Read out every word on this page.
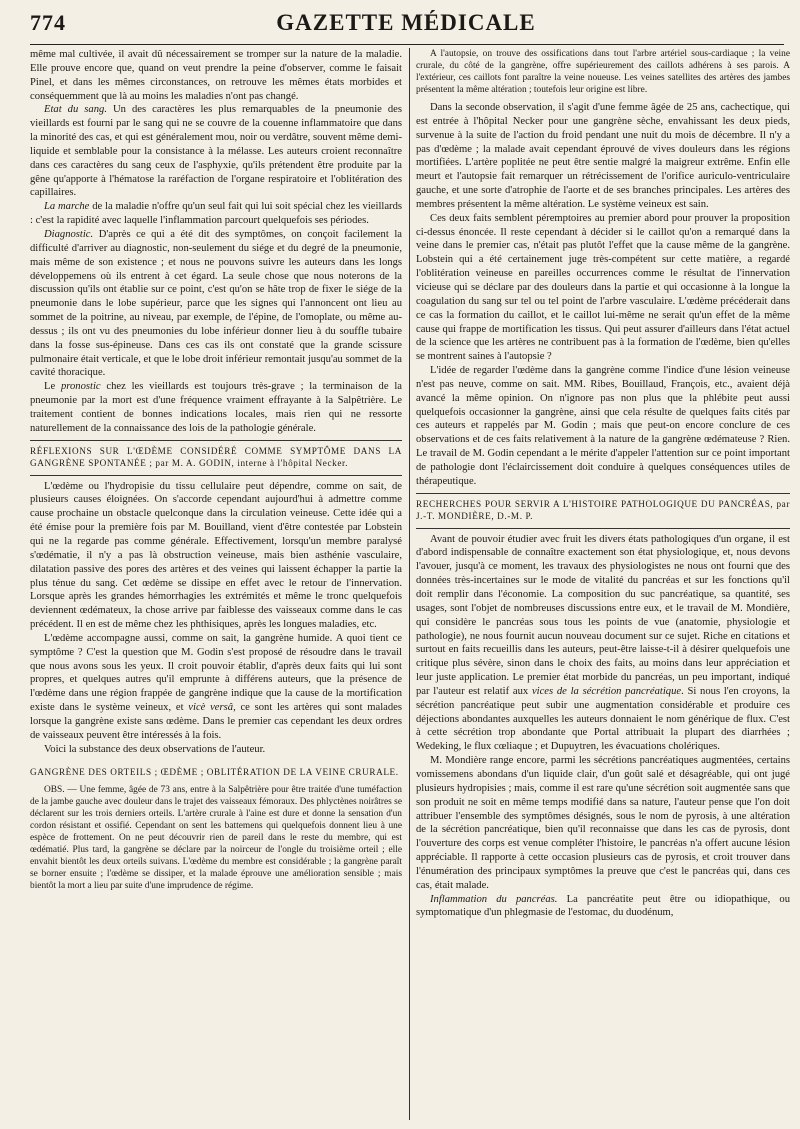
774	GAZETTE MÉDICALE

même mal cultivée, il avait dû nécessairement se tromper sur la nature de la maladie. Elle prouve encore que, quand on veut prendre la peine d'observer, comme le faisait Pinel, et dans les mêmes circonstances, on retrouve les mêmes états morbides et conséquemment que là au moins les maladies n'ont pas changé.

Etat du sang. Un des caractères les plus remarquables de la pneumonie des vieillards est fourni par le sang qui ne se couvre de la couenne inflammatoire que dans la minorité des cas, et qui est généralement mou, noir ou verdâtre, souvent même demi-liquide et semblable pour la consistance à la mélasse. Les auteurs croient reconnaître dans ces caractères du sang ceux de l'asphyxie, qu'ils prétendent être produite par la gêne qu'apporte à l'hématose la raréfaction de l'organe respiratoire et l'oblitération des capillaires.

La marche de la maladie n'offre qu'un seul fait qui lui soit spécial chez les vieillards : c'est la rapidité avec laquelle l'inflammation parcourt quelquefois ses périodes.

Diagnostic. D'après ce qui a été dit des symptômes, on conçoit facilement la difficulté d'arriver au diagnostic, non-seulement du siége et du degré de la pneumonie, mais même de son existence ; et nous ne pouvons suivre les auteurs dans les longs développemens où ils entrent à cet égard. La seule chose que nous noterons de la discussion qu'ils ont établie sur ce point, c'est qu'on se hâte trop de fixer le siége de la pneumonie dans le lobe supérieur, parce que les signes qui l'annoncent ont lieu au sommet de la poitrine, au niveau, par exemple, de l'épine, de l'omoplate, ou même au-dessus ; ils ont vu des pneumonies du lobe inférieur donner lieu à du souffle tubaire dans la fosse sus-épineuse. Dans ces cas ils ont constaté que la grande scissure pulmonaire était verticale, et que le lobe droit inférieur remontait jusqu'au sommet de la cavité thoracique.

Le pronostic chez les vieillards est toujours très-grave ; la terminaison de la pneumonie par la mort est d'une fréquence vraiment effrayante à la Salpêtrière. Le traitement contient de bonnes indications locales, mais rien qui ne ressorte naturellement de la connaissance des lois de la pathologie générale.

RÉFLEXIONS SUR L'ŒDÈME CONSIDÉRÉ COMME SYMPTÔME DANS LA GANGRÈNE SPONTANÉE ; par M. A. GODIN, interne à l'hôpital Necker.

L'œdème ou l'hydropisie du tissu cellulaire peut dépendre, comme on sait, de plusieurs causes éloignées. On s'accorde cependant aujourd'hui à admettre comme cause prochaine un obstacle quelconque dans la circulation veineuse. Cette idée qui a été émise pour la première fois par M. Bouilland, vient d'être contestée par Lobstein qui ne la regarde pas comme générale. Effectivement, lorsqu'un membre paralysé s'œdématie, il n'y a pas là obstruction veineuse, mais bien asthénie vasculaire, dilatation passive des pores des artères et des veines qui laissent échapper la partie la plus ténue du sang. Cet œdème se dissipe en effet avec le retour de l'innervation. Lorsque après les grandes hémorrhagies les extrémités et même le tronc quelquefois deviennent œdémateux, la chose arrive par faiblesse des vaisseaux comme dans le cas précédent. Il en est de même chez les phthisiques, après les longues maladies, etc.

L'œdème accompagne aussi, comme on sait, la gangrène humide. A quoi tient ce symptôme ? C'est la question que M. Godin s'est proposé de résoudre dans le travail que nous avons sous les yeux. Il croit pouvoir établir, d'après deux faits qui lui sont propres, et quelques autres qu'il emprunte à différens auteurs, que la présence de l'œdème dans une région frappée de gangrène indique que la cause de la mortification existe dans le système veineux, et vicè versâ, ce sont les artères qui sont malades lorsque la gangrène existe sans œdème. Dans le premier cas cependant les deux ordres de vaisseaux peuvent être intéressés à la fois.

Voici la substance des deux observations de l'auteur.

GANGRÈNE DES ORTEILS ; ŒDÈME ; OBLITÉRATION DE LA VEINE CRURALE.

OBS. — Une femme, âgée de 73 ans, entre à la Salpêtrière pour être traitée d'une tuméfaction de la jambe gauche avec douleur dans le trajet des vaisseaux fémoraux. Des phlyctènes noirâtres se déclarent sur les trois derniers orteils. L'artère crurale à l'aine est dure et donne la sensation d'un cordon résistant et ossifié. Cependant on sent les battemens qui quelquefois donnent lieu à une espèce de frottement. On ne peut découvrir rien de pareil dans le reste du membre, qui est œdématié. Plus tard, la gangrène se déclare par la noirceur de l'ongle du troisième orteil ; elle envahit bientôt les deux orteils suivans. L'œdème du membre est considérable ; la gangrène paraît se borner ensuite ; l'œdème se dissiper, et la malade éprouve une amélioration sensible ; mais bientôt la mort a lieu par suite d'une imprudence de régime.

A l'autopsie, on trouve des ossifications dans tout l'arbre artériel sous-cardiaque ; la veine crurale, du côté de la gangrène, offre supérieurement des caillots adhérens à ses parois. A l'extérieur, ces caillots font paraître la veine noueuse. Les veines satellites des artères des jambes présentent la même altération ; toutefois leur origine est libre.

Dans la seconde observation, il s'agit d'une femme âgée de 25 ans, cachectique, qui est entrée à l'hôpital Necker pour une gangrène sèche, envahissant les deux pieds, survenue à la suite de l'action du froid pendant une nuit du mois de décembre. Il n'y a pas d'œdème ; la malade avait cependant éprouvé de vives douleurs dans les régions mortifiées. L'artère poplitée ne peut être sentie malgré la maigreur extrême. Enfin elle meurt et l'autopsie fait remarquer un rétrécissement de l'orifice auriculo-ventriculaire gauche, et une sorte d'atrophie de l'aorte et de ses branches principales. Les artères des membres présentent la même altération. Le système veineux est sain.

Ces deux faits semblent péremptoires au premier abord pour prouver la proposition ci-dessus énoncée. Il reste cependant à décider si le caillot qu'on a remarqué dans la veine dans le premier cas, n'était pas plutôt l'effet que la cause même de la gangrène. Lobstein qui a été certainement juge très-compétent sur cette matière, a regardé l'oblitération veineuse en pareilles occurrences comme le résultat de l'innervation vicieuse qui se déclare par des douleurs dans la partie et qui occasionne à la longue la coagulation du sang sur tel ou tel point de l'arbre vasculaire. L'œdème précéderait dans ce cas la formation du caillot, et le caillot lui-même ne serait qu'un effet de la même cause qui frappe de mortification les tissus. Qui peut assurer d'ailleurs dans l'état actuel de la science que les artères ne contribuent pas à la formation de l'œdème, bien qu'elles se montrent saines à l'autopsie ?

L'idée de regarder l'œdème dans la gangrène comme l'indice d'une lésion veineuse n'est pas neuve, comme on sait. MM. Ribes, Bouillaud, François, etc., avaient déjà avancé la même opinion. On n'ignore pas non plus que la phlébite peut aussi quelquefois occasionner la gangrène, ainsi que cela résulte de quelques faits cités par ces auteurs et rappelés par M. Godin ; mais que peut-on encore conclure de ces observations et de ces faits relativement à la nature de la gangrène œdémateuse ? Rien. Le travail de M. Godin cependant a le mérite d'appeler l'attention sur ce point important de pathologie dont l'éclaircissement doit conduire à quelques conséquences utiles de thérapeutique.

RECHERCHES POUR SERVIR A L'HISTOIRE PATHOLOGIQUE DU PANCRÉAS, par J.-T. MONDIÈRE, D.-M. P.

Avant de pouvoir étudier avec fruit les divers états pathologiques d'un organe, il est d'abord indispensable de connaître exactement son état physiologique, et, nous devons l'avouer, jusqu'à ce moment, les travaux des physiologistes ne nous ont fourni que des données très-incertaines sur le mode de vitalité du pancréas et sur les fonctions qu'il doit remplir dans l'économie. La composition du suc pancréatique, sa quantité, ses usages, sont l'objet de nombreuses discussions entre eux, et le travail de M. Mondière, qui considère le pancréas sous tous les points de vue (anatomie, physiologie et pathologie), ne nous fournit aucun nouveau document sur ce sujet. Riche en citations et surtout en faits recueillis dans les auteurs, peut-être laisse-t-il à désirer quelquefois une critique plus sévère, sinon dans le choix des faits, au moins dans leur appréciation et leur juste application. Le premier état morbide du pancréas, un peu important, indiqué par l'auteur est relatif aux vices de la sécrétion pancréatique. Si nous l'en croyons, la sécrétion pancréatique peut subir une augmentation considérable et produire ces déjections abondantes auxquelles les auteurs donnaient le nom générique de flux. C'est à cette sécrétion trop abondante que Portal attribuait la plupart des diarrhées ; Wedeking, le flux cœliaque ; et Dupuytren, les évacuations cholériques.

M. Mondière range encore, parmi les sécrétions pancréatiques augmentées, certains vomissemens abondans d'un liquide clair, d'un goût salé et désagréable, qui ont jugé plusieurs hydropisies ; mais, comme il est rare qu'une sécrétion soit augmentée sans que son produit ne soit en même temps modifié dans sa nature, l'auteur pense que l'on doit attribuer l'ensemble des symptômes désignés, sous le nom de pyrosis, à une altération de la sécrétion pancréatique, bien qu'il reconnaisse que dans les cas de pyrosis, dont l'ouverture des corps est venue compléter l'histoire, le pancréas n'a offert aucune lésion appréciable. Il rapporte à cette occasion plusieurs cas de pyrosis, et croit trouver dans l'énumération des principaux symptômes la preuve que c'est le pancréas qui, dans ces cas, était malade.

Inflammation du pancréas. La pancréatite peut être ou idiopathique, ou symptomatique d'un phlegmasie de l'estomac, du duodénum,
